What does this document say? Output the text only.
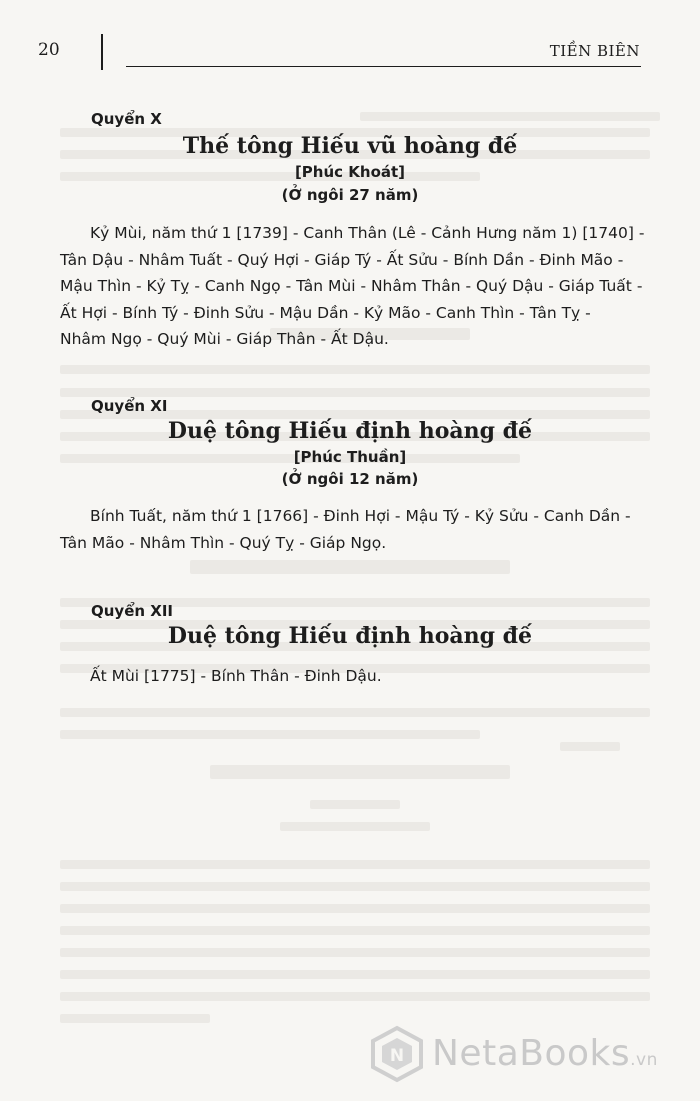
20	TIỀN BIÊN
Quyển X
Thế tông Hiếu vũ hoàng đế
[Phúc Khoát]
(Ở ngôi 27 năm)
Kỷ Mùi, năm thứ 1 [1739] - Canh Thân (Lê - Cảnh Hưng năm 1) [1740] -
Tân Dậu - Nhâm Tuất - Quý Hợi - Giáp Tý - Ất Sửu - Bính Dần - Đinh Mão -
Mậu Thìn - Kỷ Tỵ - Canh Ngọ - Tân Mùi - Nhâm Thân - Quý Dậu - Giáp Tuất -
Ất Hợi - Bính Tý - Đinh Sửu - Mậu Dần - Kỷ Mão - Canh Thìn - Tân Tỵ -
Nhâm Ngọ - Quý Mùi - Giáp Thân - Ất Dậu.
Quyển XI
Duệ tông Hiếu định hoàng đế
[Phúc Thuần]
(Ở ngôi 12 năm)
Bính Tuất, năm thứ 1 [1766] - Đinh Hợi - Mậu Tý - Kỷ Sửu - Canh Dần -
Tân Mão - Nhâm Thìn - Quý Tỵ - Giáp Ngọ.
Quyển XII
Duệ tông Hiếu định hoàng đế
Ất Mùi [1775] - Bính Thân - Đinh Dậu.
N NetaBooks.vn
